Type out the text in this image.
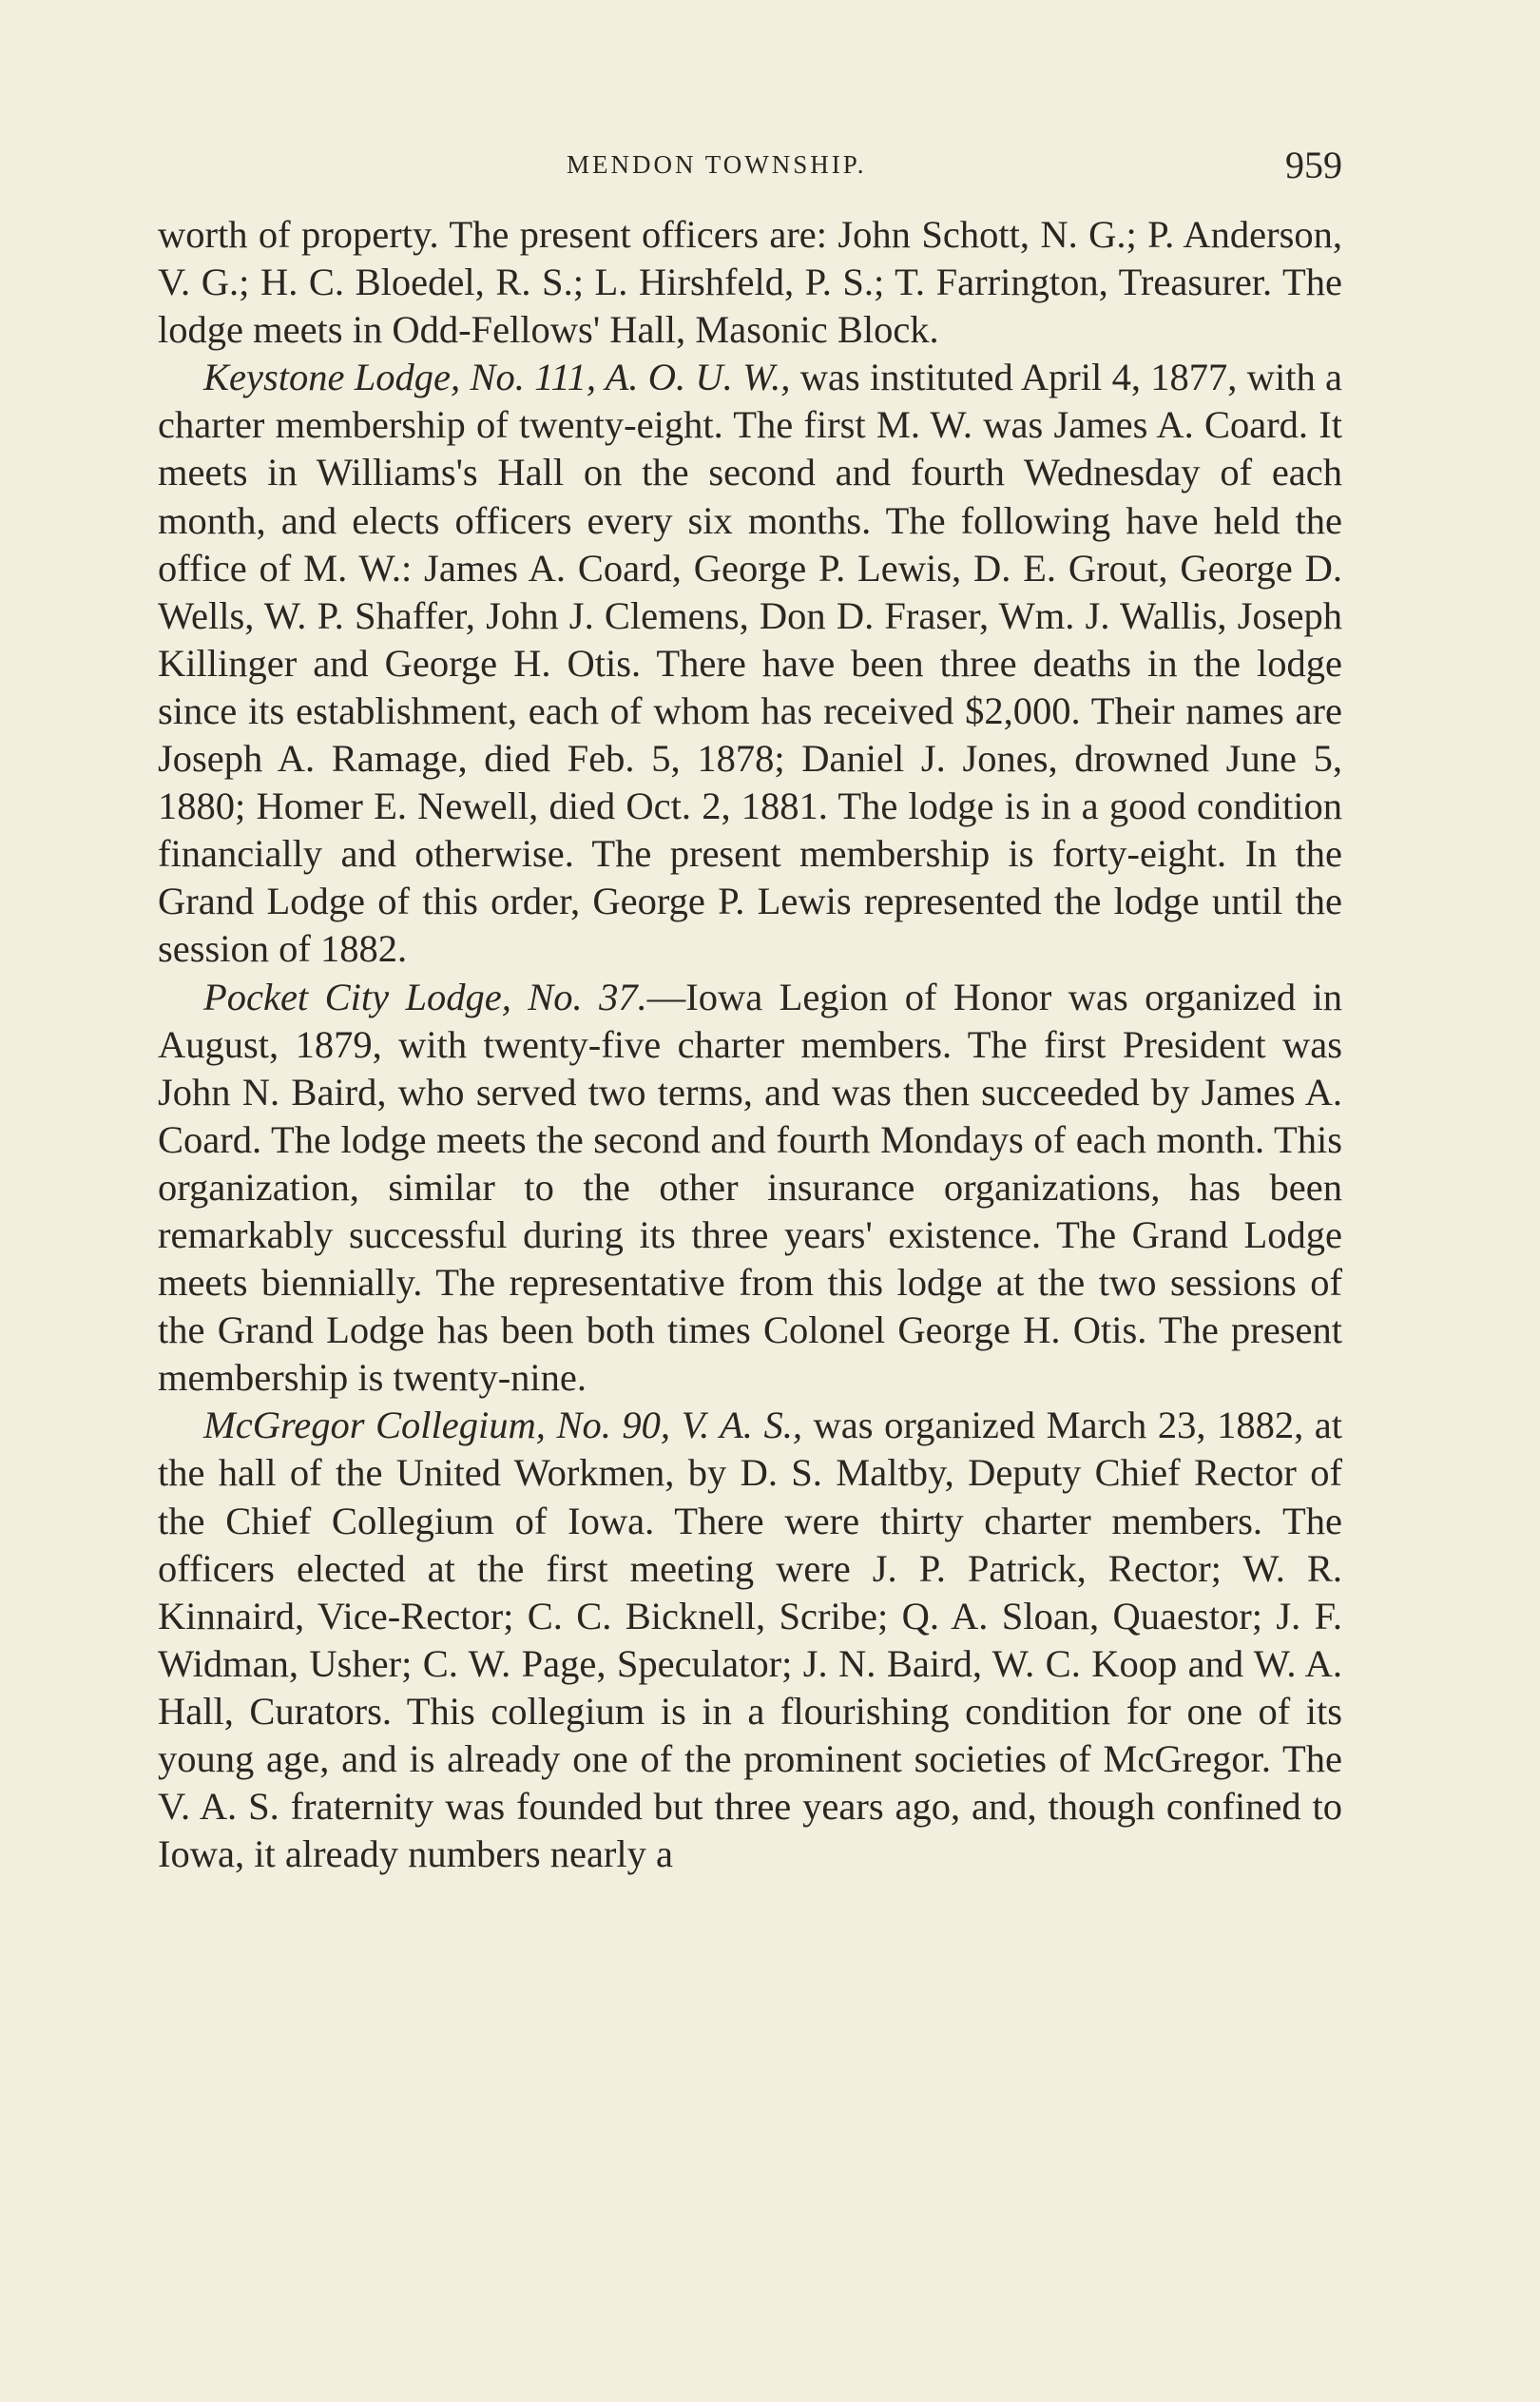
MENDON TOWNSHIP.	959

worth of property. The present officers are: John Schott, N. G.; P. Anderson, V. G.; H. C. Bloedel, R. S.; L. Hirshfeld, P. S.; T. Farrington, Treasurer. The lodge meets in Odd-Fellows' Hall, Masonic Block.

Keystone Lodge, No. 111, A. O. U. W., was instituted April 4, 1877, with a charter membership of twenty-eight. The first M. W. was James A. Coard. It meets in Williams's Hall on the second and fourth Wednesday of each month, and elects officers every six months. The following have held the office of M. W.: James A. Coard, George P. Lewis, D. E. Grout, George D. Wells, W. P. Shaffer, John J. Clemens, Don D. Fraser, Wm. J. Wallis, Joseph Killinger and George H. Otis. There have been three deaths in the lodge since its establishment, each of whom has received $2,000. Their names are Joseph A. Ramage, died Feb. 5, 1878; Daniel J. Jones, drowned June 5, 1880; Homer E. Newell, died Oct. 2, 1881. The lodge is in a good condition financially and otherwise. The present membership is forty-eight. In the Grand Lodge of this order, George P. Lewis represented the lodge until the session of 1882.

Pocket City Lodge, No. 37.—Iowa Legion of Honor was organized in August, 1879, with twenty-five charter members. The first President was John N. Baird, who served two terms, and was then succeeded by James A. Coard. The lodge meets the second and fourth Mondays of each month. This organization, similar to the other insurance organizations, has been remarkably successful during its three years' existence. The Grand Lodge meets biennially. The representative from this lodge at the two sessions of the Grand Lodge has been both times Colonel George H. Otis. The present membership is twenty-nine.

McGregor Collegium, No. 90, V. A. S., was organized March 23, 1882, at the hall of the United Workmen, by D. S. Maltby, Deputy Chief Rector of the Chief Collegium of Iowa. There were thirty charter members. The officers elected at the first meeting were J. P. Patrick, Rector; W. R. Kinnaird, Vice-Rector; C. C. Bicknell, Scribe; Q. A. Sloan, Quaestor; J. F. Widman, Usher; C. W. Page, Speculator; J. N. Baird, W. C. Koop and W. A. Hall, Curators. This collegium is in a flourishing condition for one of its young age, and is already one of the prominent societies of McGregor. The V. A. S. fraternity was founded but three years ago, and, though confined to Iowa, it already numbers nearly a
